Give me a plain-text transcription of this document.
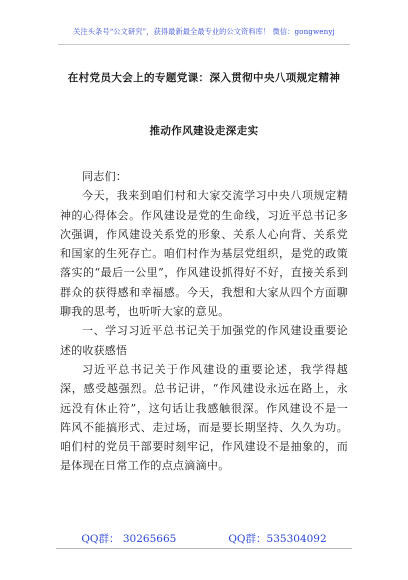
关注头条号“公文研究”，获得最新最全最专业的公文资料库！ 微信：gongwenyj
在村党员大会上的专题党课：深入贯彻中央八项规定精神
推动作风建设走深走实

同志们：

今天，我来到咱们村和大家交流学习中央八项规定精神的心得体会。作风建设是党的生命线，习近平总书记多次强调，作风建设关系党的形象、关系人心向背、关系党和国家的生死存亡。咱们村作为基层党组织，是党的政策落实的“最后一公里”，作风建设抓得好不好，直接关系到群众的获得感和幸福感。今天，我想和大家从四个方面聊聊我的思考，也听听大家的意见。

一、学习习近平总书记关于加强党的作风建设重要论述的收获感悟

习近平总书记关于作风建设的重要论述，我学得越深，感受越强烈。总书记讲，“作风建设永远在路上，永远没有休止符”，这句话让我感触很深。作风建设不是一阵风不能搞形式、走过场，而是要长期坚持、久久为功。咱们村的党员干部要时刻牢记，作风建设不是抽象的，而是体现在日常工作的点点滴滴中。

QQ群： 30265665	QQ群：535304092
